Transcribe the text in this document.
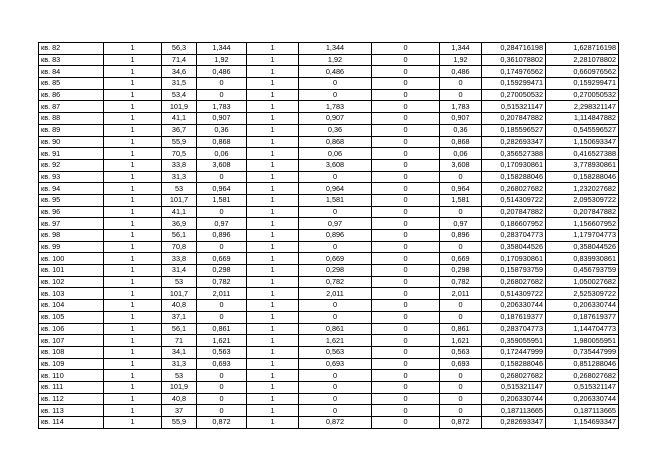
кв. 82	1	56,3	1,344	1	1,344	0	1,344	0,284716198	1,628716198
кв. 83	1	71,4	1,92	1	1,92	0	1,92	0,361078802	2,281078802
кв. 84	1	34,6	0,486	1	0,486	0	0,486	0,174976562	0,660976562
кв. 85	1	31,5	0	1	0	0	0	0,159299471	0,159299471
кв. 86	1	53,4	0	1	0	0	0	0,270050532	0,270050532
кв. 87	1	101,9	1,783	1	1,783	0	1,783	0,515321147	2,298321147
кв. 88	1	41,1	0,907	1	0,907	0	0,907	0,207847882	1,114847882
кв. 89	1	36,7	0,36	1	0,36	0	0,36	0,185596527	0,545596527
кв. 90	1	55,9	0,868	1	0,868	0	0,868	0,282693347	1,150693347
кв. 91	1	70,5	0,06	1	0,06	0	0,06	0,356527388	0,416527388
кв. 92	1	33,8	3,608	1	3,608	0	3,608	0,170930861	3,778930861
кв. 93	1	31,3	0	1	0	0	0	0,158288046	0,158288046
кв. 94	1	53	0,964	1	0,964	0	0,964	0,268027682	1,232027682
кв. 95	1	101,7	1,581	1	1,581	0	1,581	0,514309722	2,095309722
кв. 96	1	41,1	0	1	0	0	0	0,207847882	0,207847882
кв. 97	1	36,9	0,97	1	0,97	0	0,97	0,186607952	1,156607952
кв. 98	1	56,1	0,896	1	0,896	0	0,896	0,283704773	1,179704773
кв. 99	1	70,8	0	1	0	0	0	0,358044526	0,358044526
кв. 100	1	33,8	0,669	1	0,669	0	0,669	0,170930861	0,839930861
кв. 101	1	31,4	0,298	1	0,298	0	0,298	0,158793759	0,456793759
кв. 102	1	53	0,782	1	0,782	0	0,782	0,268027682	1,050027682
кв. 103	1	101,7	2,011	1	2,011	0	2,011	0,514309722	2,525309722
кв. 104	1	40,8	0	1	0	0	0	0,206330744	0,206330744
кв. 105	1	37,1	0	1	0	0	0	0,187619377	0,187619377
кв. 106	1	56,1	0,861	1	0,861	0	0,861	0,283704773	1,144704773
кв. 107	1	71	1,621	1	1,621	0	1,621	0,359055951	1,980055951
кв. 108	1	34,1	0,563	1	0,563	0	0,563	0,172447999	0,735447999
кв. 109	1	31,3	0,693	1	0,693	0	0,693	0,158288046	0,851288046
кв. 110	1	53	0	1	0	0	0	0,268027682	0,268027682
кв. 111	1	101,9	0	1	0	0	0	0,515321147	0,515321147
кв. 112	1	40,8	0	1	0	0	0	0,206330744	0,206330744
кв. 113	1	37	0	1	0	0	0	0,187113665	0,187113665
кв. 114	1	55,9	0,872	1	0,872	0	0,872	0,282693347	1,154693347
